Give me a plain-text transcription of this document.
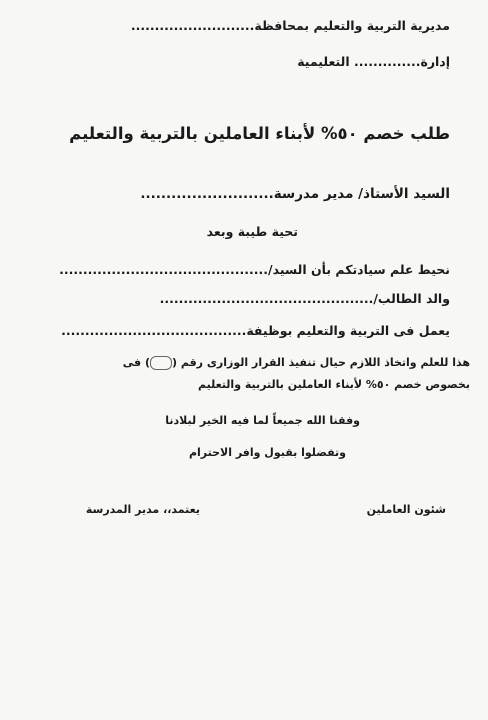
مديرية التربية والتعليم بمحافظة..........................
إدارة.............. التعليمية
طلب خصم ٥٠% لأبناء العاملين بالتربية والتعليم
السيد الأستاذ/ مدير مدرسة..........................
تحية طيبة وبعد
نحيط علم سيادتكم بأن السيد/............................................
والد الطالب/.............................................
يعمل فى التربية والتعليم بوظيفة.......................................
هذا للعلم واتخاذ اللازم حيال تنفيذ القرار الوزارى رقم () فى
بخصوص خصم ٥٠% لأبناء العاملين بالتربية والتعليم
وفقنا الله جميعاً لما فيه الخير لبلادنا
وتفضلوا بقبول وافر الاحترام
شئون العاملين
يعتمد،، مدير المدرسة
